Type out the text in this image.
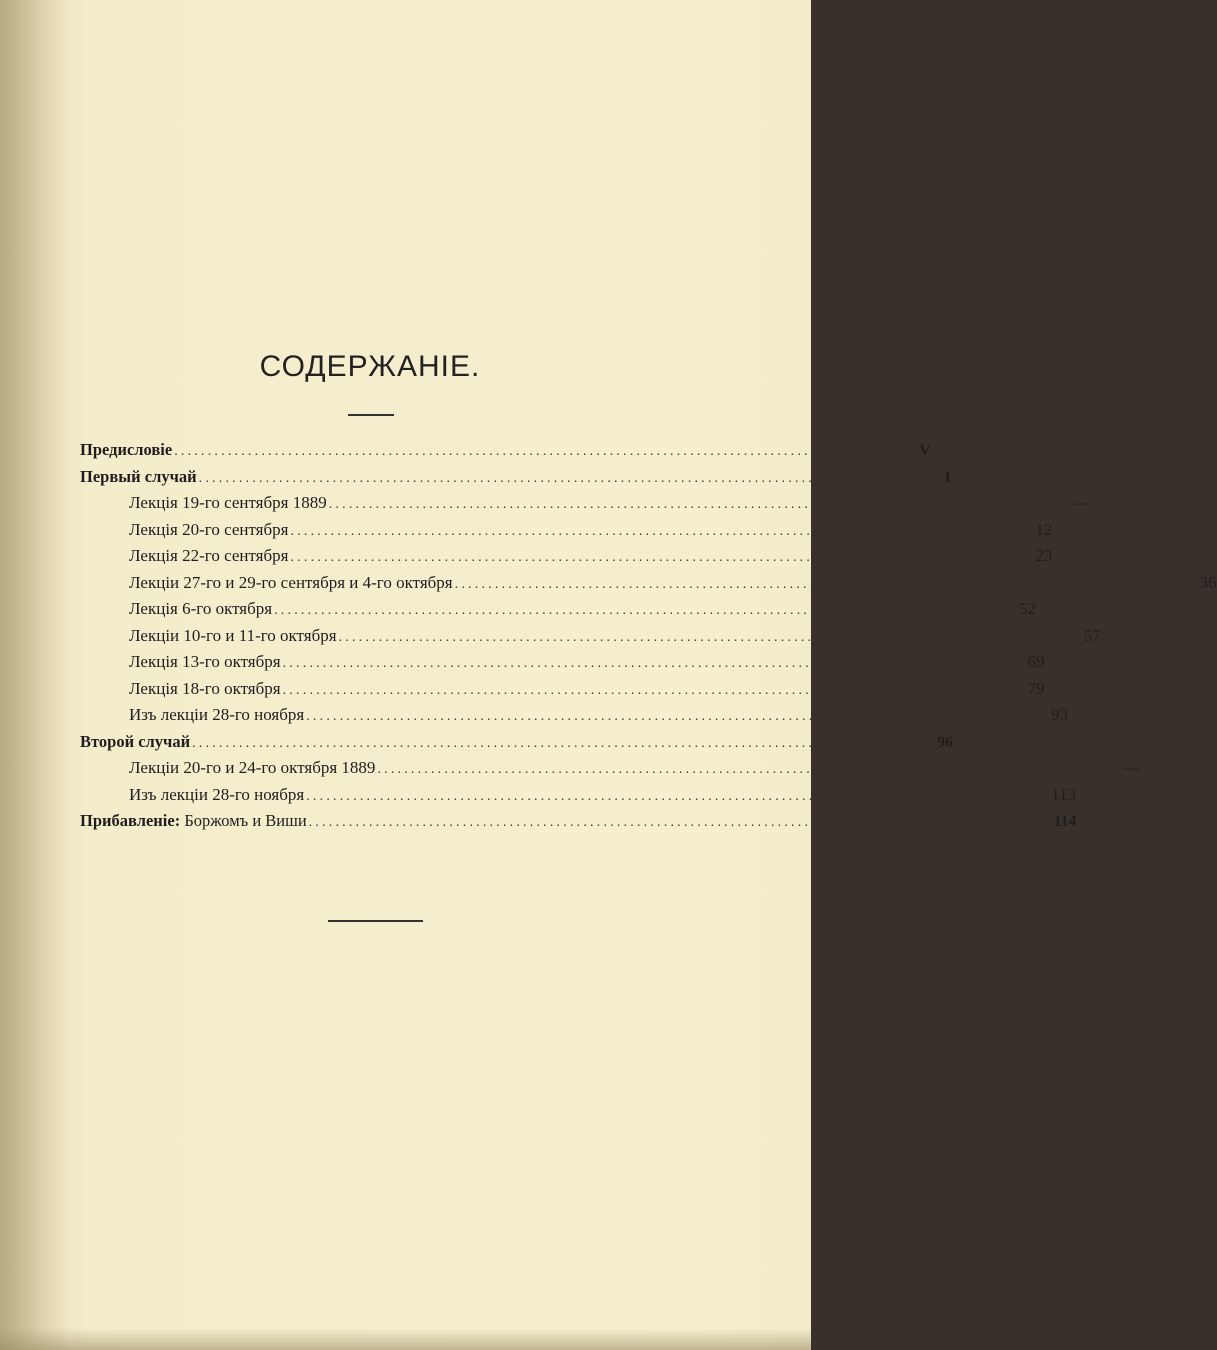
СОДЕРЖАНІЕ.
Предисловіе ........................................................................................................... V
Первый случай ........................................................................................................... 1
Лекція 19-го сентября 1889 ........................................................................................................... —
Лекція 20-го сентября ........................................................................................................... 12
Лекція 22-го сентября ........................................................................................................... 23
Лекціи 27-го и 29-го сентября и 4-го октября ........................................................................................................... 36
Лекція 6-го октября ........................................................................................................... 52
Лекціи 10-го и 11-го октября ........................................................................................................... 57
Лекція 13-го октября ........................................................................................................... 69
Лекція 18-го октября ........................................................................................................... 79
Изъ лекціи 28-го ноября ........................................................................................................... 93
Второй случай ........................................................................................................... 96
Лекціи 20-го и 24-го октября 1889 ........................................................................................................... —
Изъ лекціи 28-го ноября ........................................................................................................... 113
Прибавленіе: Боржомъ и Виши ........................................................................................................... 114
